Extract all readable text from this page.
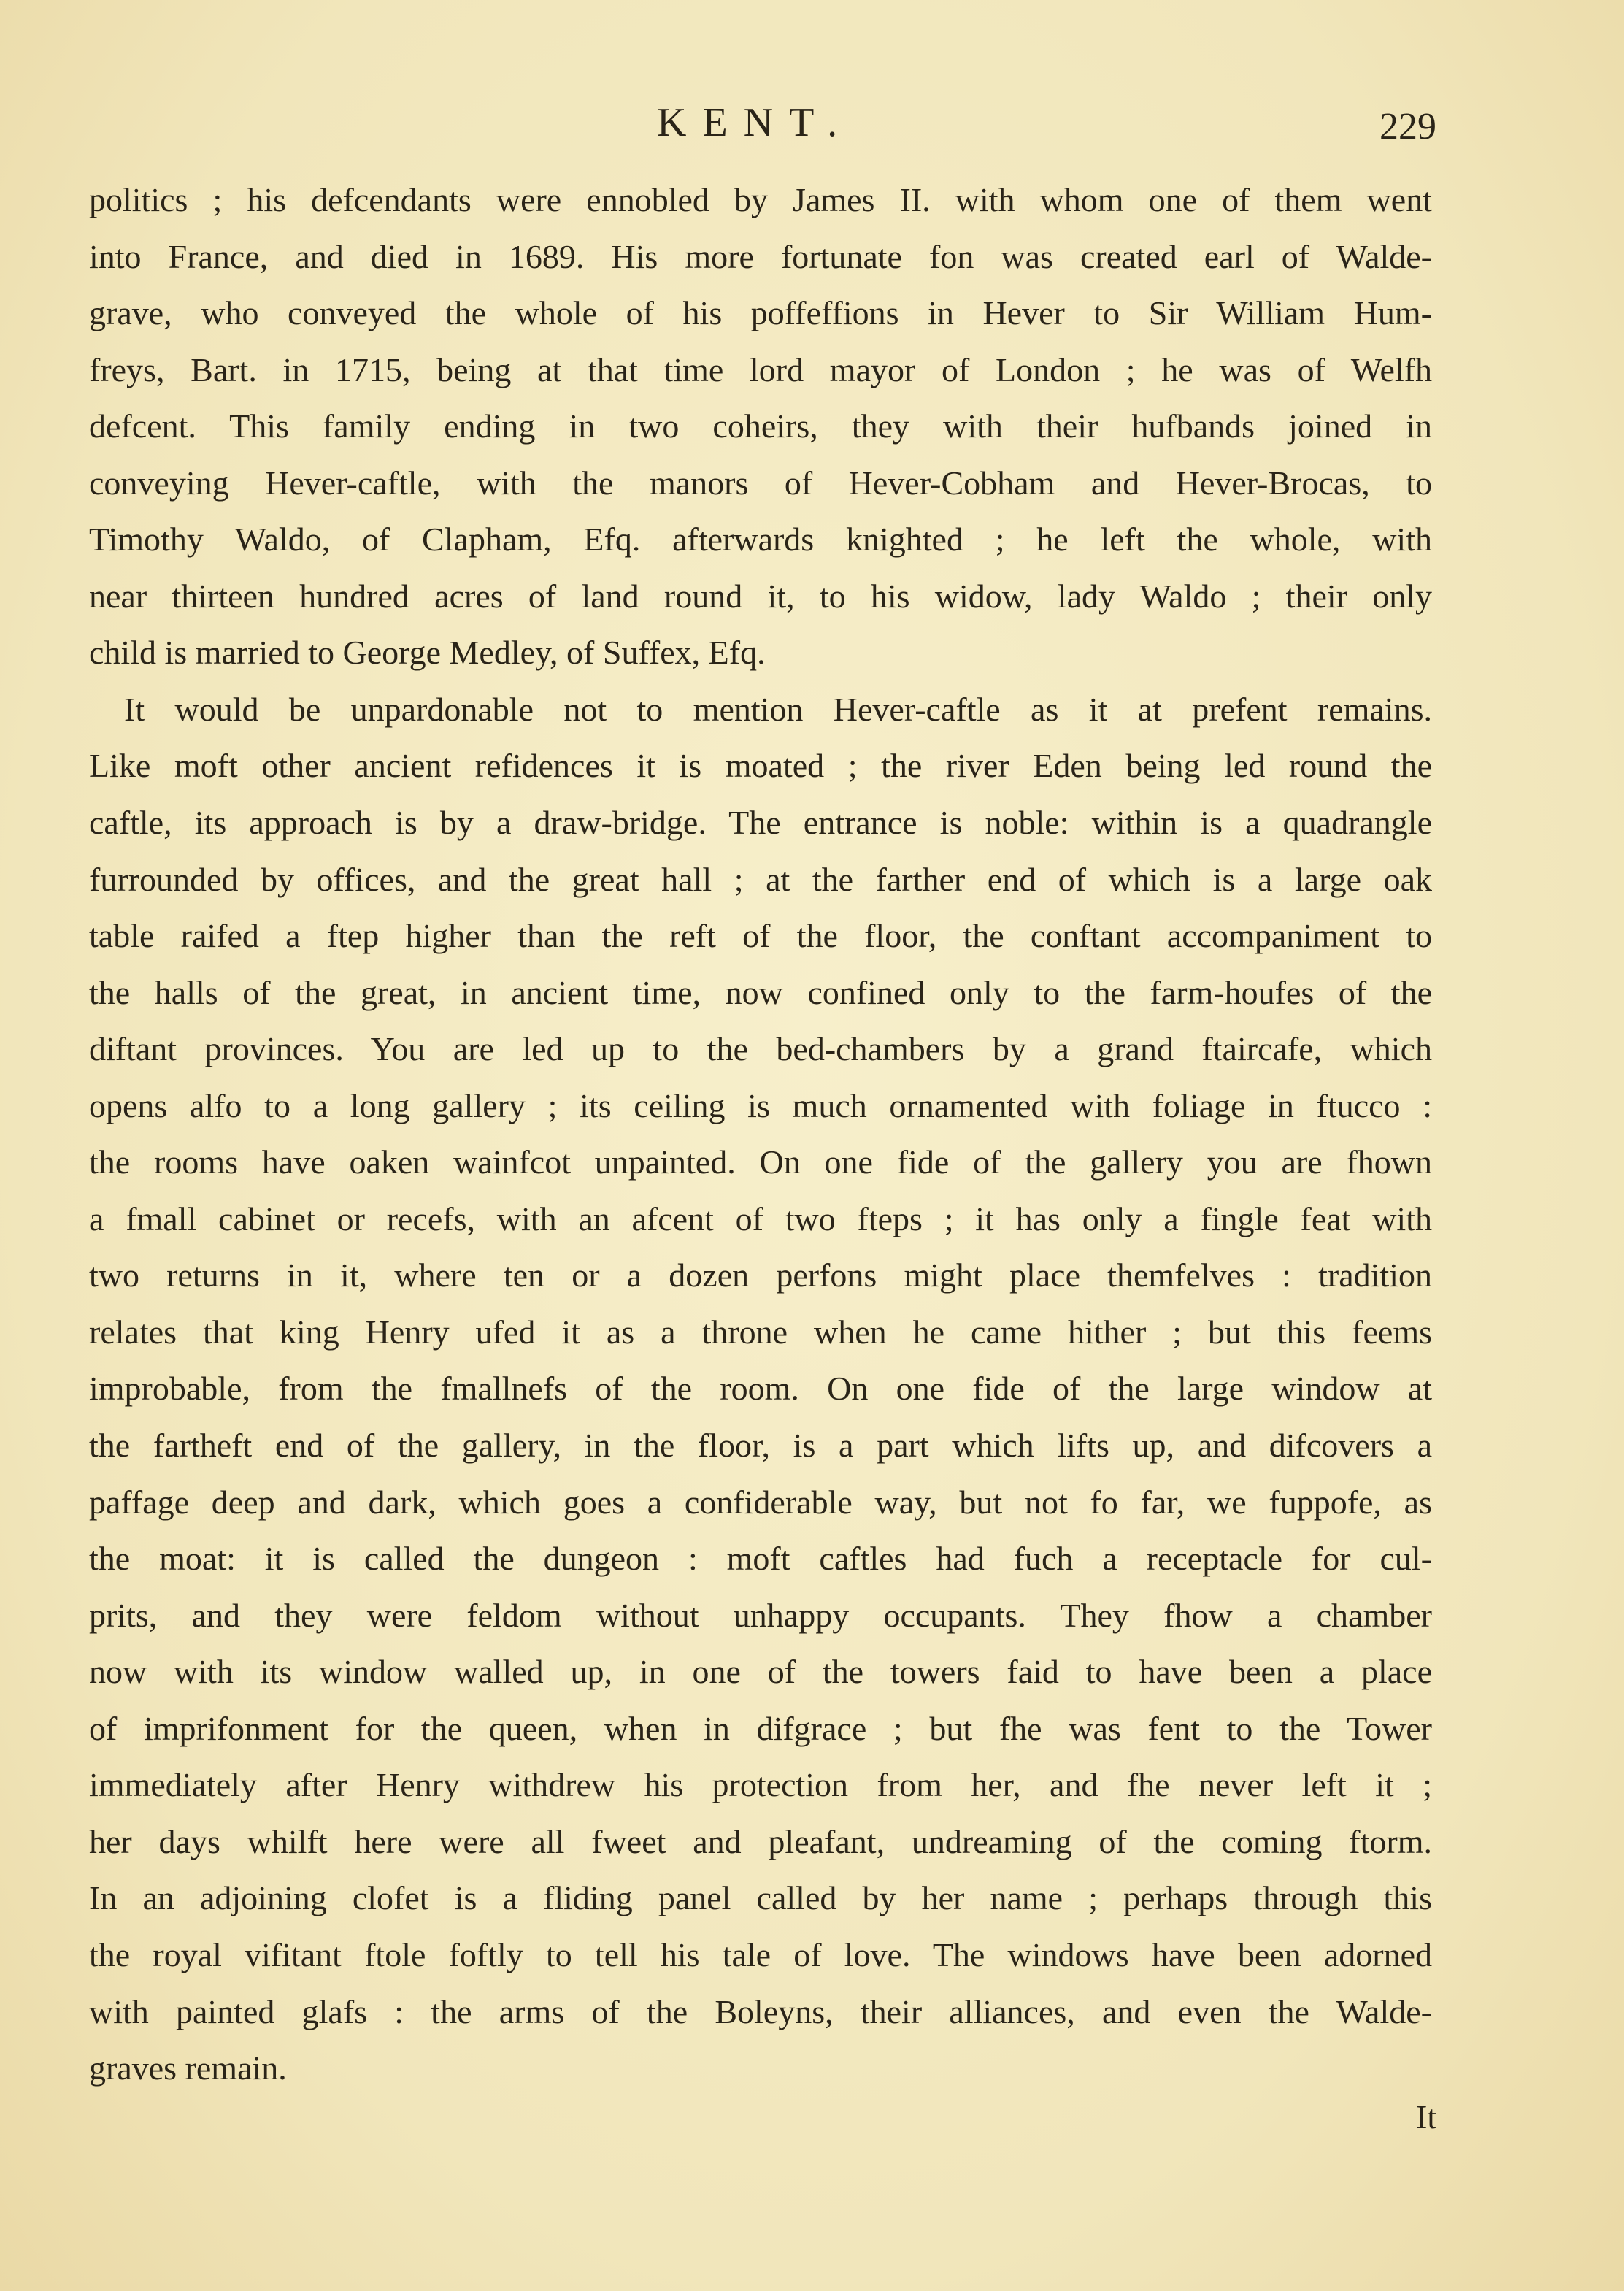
KENT.	229
politics ; his defcendants were ennobled by James II. with whom one of them went
into France, and died in 1689. His more fortunate fon was created earl of Walde-
grave, who conveyed the whole of his poffeffions in Hever to Sir William Hum-
freys, Bart. in 1715, being at that time lord mayor of London ; he was of Welfh
defcent. This family ending in two coheirs, they with their hufbands joined in
conveying Hever-caftle, with the manors of Hever-Cobham and Hever-Brocas, to
Timothy Waldo, of Clapham, Efq. afterwards knighted ; he left the whole, with
near thirteen hundred acres of land round it, to his widow, lady Waldo ; their only
child is married to George Medley, of Suffex, Efq.
It would be unpardonable not to mention Hever-caftle as it at prefent remains.
Like moft other ancient refidences it is moated ; the river Eden being led round the
caftle, its approach is by a draw-bridge. The entrance is noble: within is a quadrangle
furrounded by offices, and the great hall ; at the farther end of which is a large oak
table raifed a ftep higher than the reft of the floor, the conftant accompaniment to
the halls of the great, in ancient time, now confined only to the farm-houfes of the
diftant provinces. You are led up to the bed-chambers by a grand ftaircafe, which
opens alfo to a long gallery ; its ceiling is much ornamented with foliage in ftucco :
the rooms have oaken wainfcot unpainted. On one fide of the gallery you are fhown
a fmall cabinet or recefs, with an afcent of two fteps ; it has only a fingle feat with
two returns in it, where ten or a dozen perfons might place themfelves : tradition
relates that king Henry ufed it as a throne when he came hither ; but this feems
improbable, from the fmallnefs of the room. On one fide of the large window at
the fartheft end of the gallery, in the floor, is a part which lifts up, and difcovers a
paffage deep and dark, which goes a confiderable way, but not fo far, we fuppofe, as
the moat: it is called the dungeon : moft caftles had fuch a receptacle for cul-
prits, and they were feldom without unhappy occupants. They fhow a chamber
now with its window walled up, in one of the towers faid to have been a place
of imprifonment for the queen, when in difgrace ; but fhe was fent to the Tower
immediately after Henry withdrew his protection from her, and fhe never left it ;
her days whilft here were all fweet and pleafant, undreaming of the coming ftorm.
In an adjoining clofet is a fliding panel called by her name ; perhaps through this
the royal vifitant ftole foftly to tell his tale of love. The windows have been adorned
with painted glafs : the arms of the Boleyns, their alliances, and even the Walde-
graves remain.
It
